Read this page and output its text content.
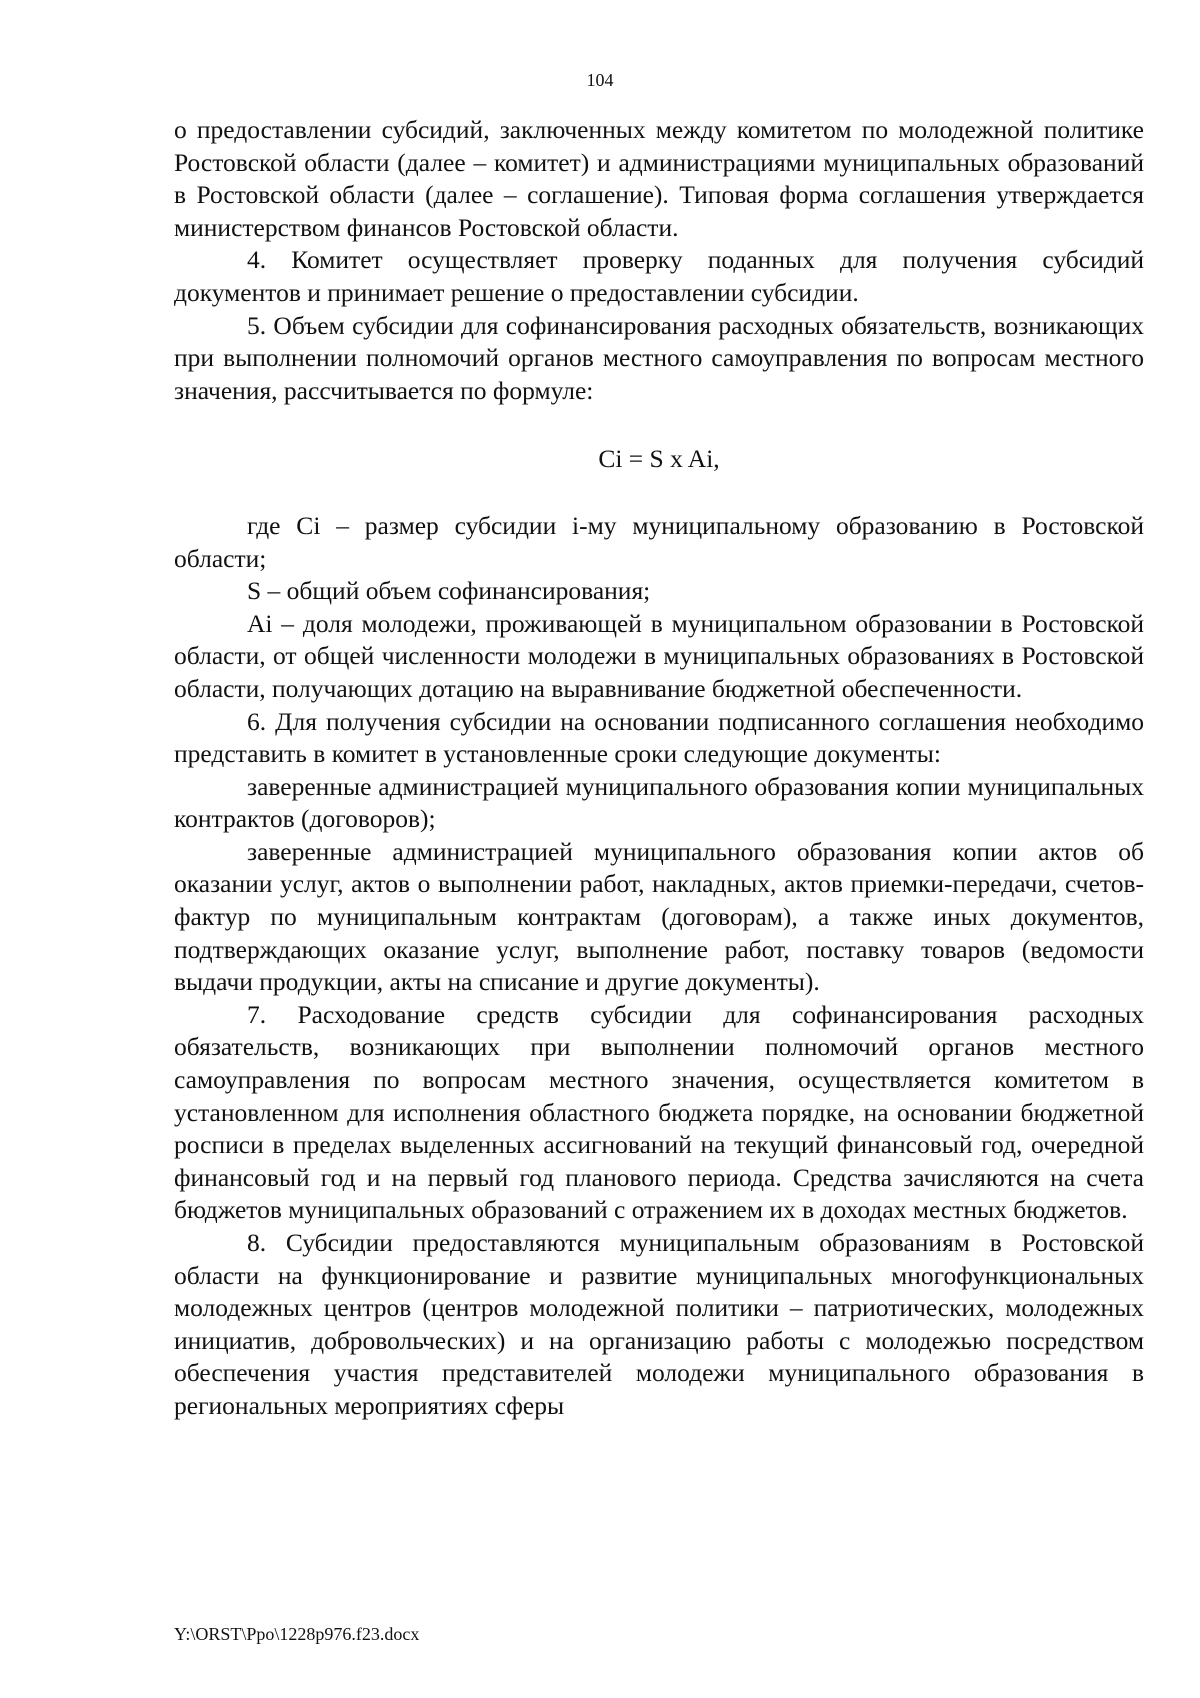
104

о предоставлении субсидий, заключенных между комитетом по молодежной политике Ростовской области (далее – комитет) и администрациями муниципальных образований в Ростовской области (далее – соглашение). Типовая форма соглашения утверждается министерством финансов Ростовской области.

4. Комитет осуществляет проверку поданных для получения субсидий документов и принимает решение о предоставлении субсидии.

5. Объем субсидии для софинансирования расходных обязательств, возникающих при выполнении полномочий органов местного самоуправления по вопросам местного значения, рассчитывается по формуле:

Ci = S x Ai,

где Ci – размер субсидии i-му муниципальному образованию в Ростовской области;

S – общий объем софинансирования;

Ai – доля молодежи, проживающей в муниципальном образовании в Ростовской области, от общей численности молодежи в муниципальных образованиях в Ростовской области, получающих дотацию на выравнивание бюджетной обеспеченности.

6. Для получения субсидии на основании подписанного соглашения необходимо представить в комитет в установленные сроки следующие документы:

заверенные администрацией муниципального образования копии муниципальных контрактов (договоров);

заверенные администрацией муниципального образования копии актов об оказании услуг, актов о выполнении работ, накладных, актов приемки-передачи, счетов-фактур по муниципальным контрактам (договорам), а также иных документов, подтверждающих оказание услуг, выполнение работ, поставку товаров (ведомости выдачи продукции, акты на списание и другие документы).

7. Расходование средств субсидии для софинансирования расходных обязательств, возникающих при выполнении полномочий органов местного самоуправления по вопросам местного значения, осуществляется комитетом в установленном для исполнения областного бюджета порядке, на основании бюджетной росписи в пределах выделенных ассигнований на текущий финансовый год, очередной финансовый год и на первый год планового периода. Средства зачисляются на счета бюджетов муниципальных образований с отражением их в доходах местных бюджетов.

8. Субсидии предоставляются муниципальным образованиям в Ростовской области на функционирование и развитие муниципальных многофункциональных молодежных центров (центров молодежной политики – патриотических, молодежных инициатив, добровольческих) и на организацию работы с молодежью посредством обеспечения участия представителей молодежи муниципального образования в региональных мероприятиях сферы

Y:\ORST\Ppo\1228p976.f23.docx
